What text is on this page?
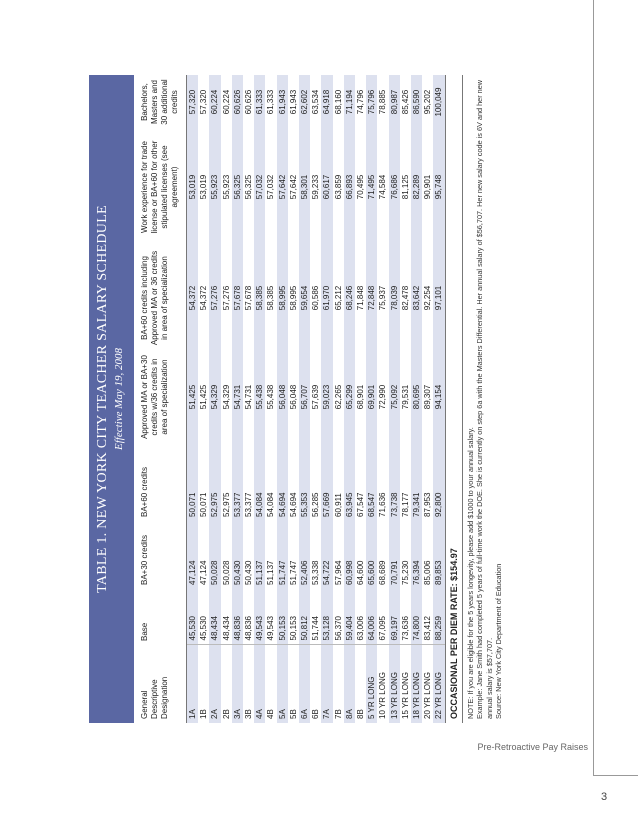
Pre-Retroactive Pay Raises
3
TABLE 1. NEW YORK CITY TEACHER SALARY SCHEDULE Effective May 19, 2008
General Descriptive Designation	Base	BA+30 credits	BA+60 credits	Approved MA or BA+30 credits w/36 credits in area of specialization	BA+60 credits including Approved MA or 36 credits in area of specialization	Work experience for trade license or BA+60 for other stipulated licenses (see agreement)	Bachelors, Masters and 30 additional credits
1A	45,530	47,124	50,071	51,425	54,372	53,019	57,320
1B	45,530	47,124	50,071	51,425	54,372	53,019	57,320
2A	48,434	50,028	52,975	54,329	57,276	55,923	60,224
2B	48,434	50,028	52,975	54,329	57,276	55,923	60,224
3A	48,836	50,430	53,377	54,731	57,678	56,325	60,626
3B	48,836	50,430	53,377	54,731	57,678	56,325	60,626
4A	49,543	51,137	54,084	55,438	58,385	57,032	61,333
4B	49,543	51,137	54,084	55,438	58,385	57,032	61,333
5A	50,153	51,747	54,694	56,048	58,995	57,642	61,943
5B	50,153	51,747	54,694	56,048	58,995	57,642	61,943
6A	50,812	52,406	55,353	56,707	59,654	58,301	62,602
6B	51,744	53,338	56,285	57,639	60,586	59,233	63,534
7A	53,128	54,722	57,669	59,023	61,970	60,617	64,918
7B	56,370	57,964	60,911	62,265	65,212	63,859	68,160
8A	59,404	60,998	63,945	65,299	68,246	66,893	71,194
8B	63,006	64,600	67,547	68,901	71,848	70,495	74,796
5 YR LONG	64,006	65,600	68,547	69,901	72,848	71,495	75,796
10 YR LONG	67,095	68,689	71,636	72,990	75,937	74,584	78,885
13 YR LONG	69,197	70,791	73,738	75,092	78,039	76,686	80,987
15 YR LONG	73,636	75,230	78,177	79,531	82,478	81,125	85,426
18 YR LONG	74,800	76,394	79,341	80,695	83,642	82,289	86,590
20 YR LONG	83,412	85,006	87,953	89,307	92,254	90,901	95,202
22 YR LONG	88,259	89,853	92,800	94,154	97,101	95,748	100,049
OCCASIONAL PER DIEM RATE: $154.97 NOTE: If you are eligible for the 5 years longevity, please add $1000 to your annual salary. Example: Jane Smith had completed 5 years of full-time work the DOE. She is currently on step 6a with the Masters Differential. Her annual salary of $56,707. Her new salary code is 6V and her new annual salary is $57,707. Source: New York City Department of Education
